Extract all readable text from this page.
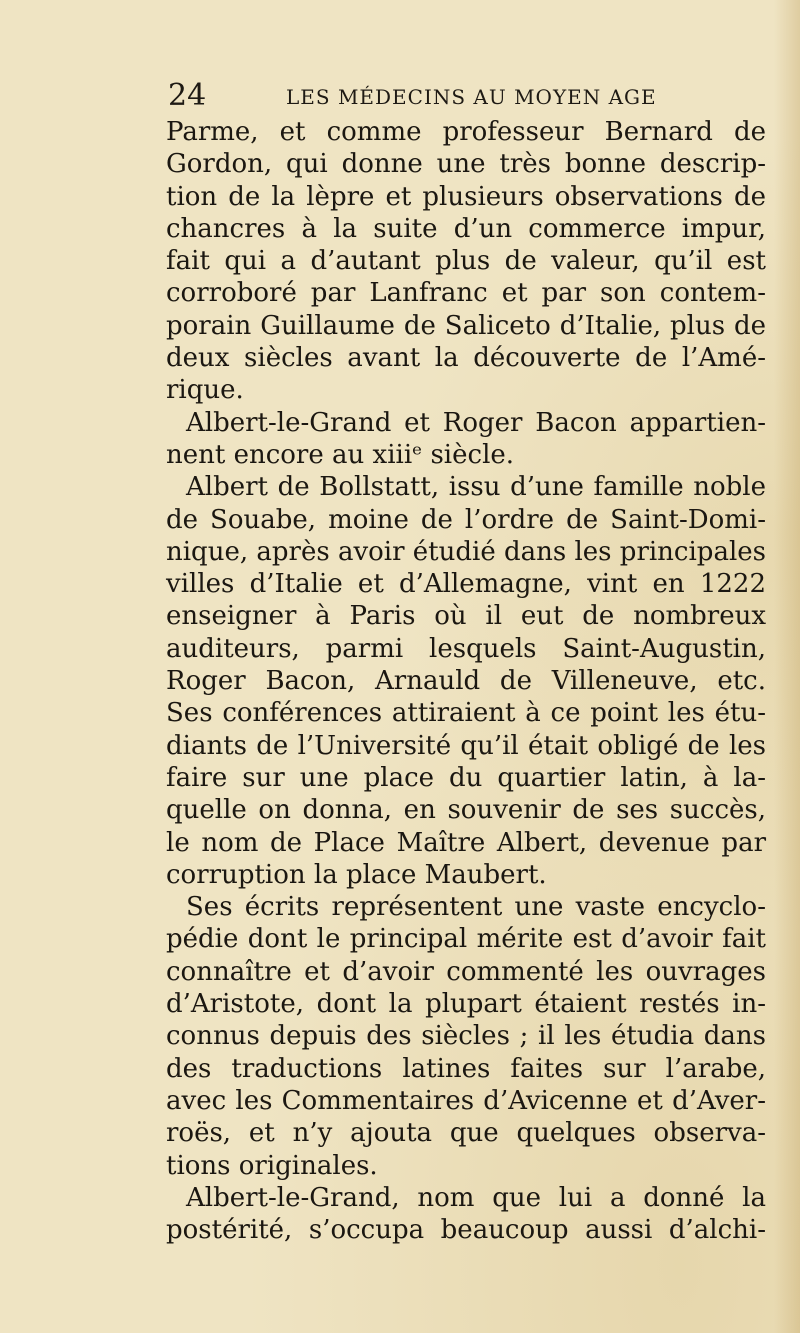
24	LES MÉDECINS AU MOYEN AGE
Parme, et comme professeur Bernard de
Gordon, qui donne une très bonne descrip-
tion de la lèpre et plusieurs observations de
chancres à la suite d’un commerce impur,
fait qui a d’autant plus de valeur, qu’il est
corroboré par Lanfranc et par son contem-
porain Guillaume de Saliceto d’Italie, plus de
deux siècles avant la découverte de l’Amé-
rique.
Albert-le-Grand et Roger Bacon appartien-
nent encore au xiiiᵉ siècle.
Albert de Bollstatt, issu d’une famille noble
de Souabe, moine de l’ordre de Saint-Domi-
nique, après avoir étudié dans les principales
villes d’Italie et d’Allemagne, vint en 1222
enseigner à Paris où il eut de nombreux
auditeurs, parmi lesquels Saint-Augustin,
Roger Bacon, Arnauld de Villeneuve, etc.
Ses conférences attiraient à ce point les étu-
diants de l’Université qu’il était obligé de les
faire sur une place du quartier latin, à la-
quelle on donna, en souvenir de ses succès,
le nom de Place Maître Albert, devenue par
corruption la place Maubert.
Ses écrits représentent une vaste encyclo-
pédie dont le principal mérite est d’avoir fait
connaître et d’avoir commenté les ouvrages
d’Aristote, dont la plupart étaient restés in-
connus depuis des siècles ; il les étudia dans
des traductions latines faites sur l’arabe,
avec les Commentaires d’Avicenne et d’Aver-
roës, et n’y ajouta que quelques observa-
tions originales.
Albert-le-Grand, nom que lui a donné la
postérité, s’occupa beaucoup aussi d’alchi-
